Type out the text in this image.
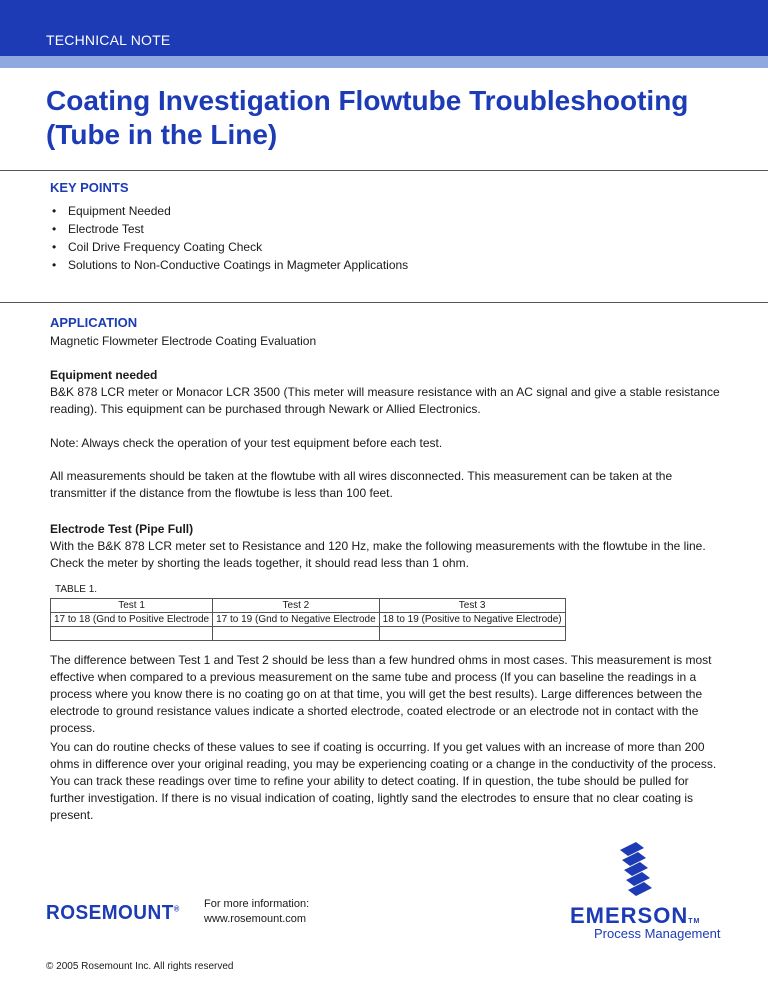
TECHNICAL NOTE
Coating Investigation Flowtube Troubleshooting
(Tube in the Line)
KEY POINTS
• Equipment Needed
• Electrode Test
• Coil Drive Frequency Coating Check
• Solutions to Non-Conductive Coatings in Magmeter Applications
APPLICATION

Magnetic Flowmeter Electrode Coating Evaluation

Equipment needed

B&K 878 LCR meter or Monacor LCR 3500 (This meter will measure resistance with an AC signal and give a stable resistance reading). This equipment can be purchased through Newark or Allied Electronics.

Note: Always check the operation of your test equipment before each test.

All measurements should be taken at the flowtube with all wires disconnected. This measurement can be taken at the transmitter if the distance from the flowtube is less than 100 feet.

Electrode Test (Pipe Full)

With the B&K 878 LCR meter set to Resistance and 120 Hz, make the following measurements with the flowtube in the line. Check the meter by shorting the leads together, it should read less than 1 ohm.

TABLE 1.
Test 1	Test 2	Test 3
17 to 18 (Gnd to Positive Electrode	17 to 19 (Gnd to Negative Electrode	18 to 19 (Positive to Negative Electrode)

The difference between Test 1 and Test 2 should be less than a few hundred ohms in most cases. This measurement is most effective when compared to a previous measurement on the same tube and process (If you can baseline the readings in a process where you know there is no coating go on at that time, you will get the best results). Large differences between the electrode to ground resistance values indicate a shorted electrode, coated electrode or an electrode not in contact with the process.

You can do routine checks of these values to see if coating is occurring. If you get values with an increase of more than 200 ohms in difference over your original reading, you may be experiencing coating or a change in the conductivity of the process. You can track these readings over time to refine your ability to detect coating. If in question, the tube should be pulled for further investigation. If there is no visual indication of coating, lightly sand the electrodes to ensure that no clear coating is present.

ROSEMOUNT® For more information:
www.rosemount.com
© 2005 Rosemount Inc. All rights reserved
EMERSONTM
Process Management
